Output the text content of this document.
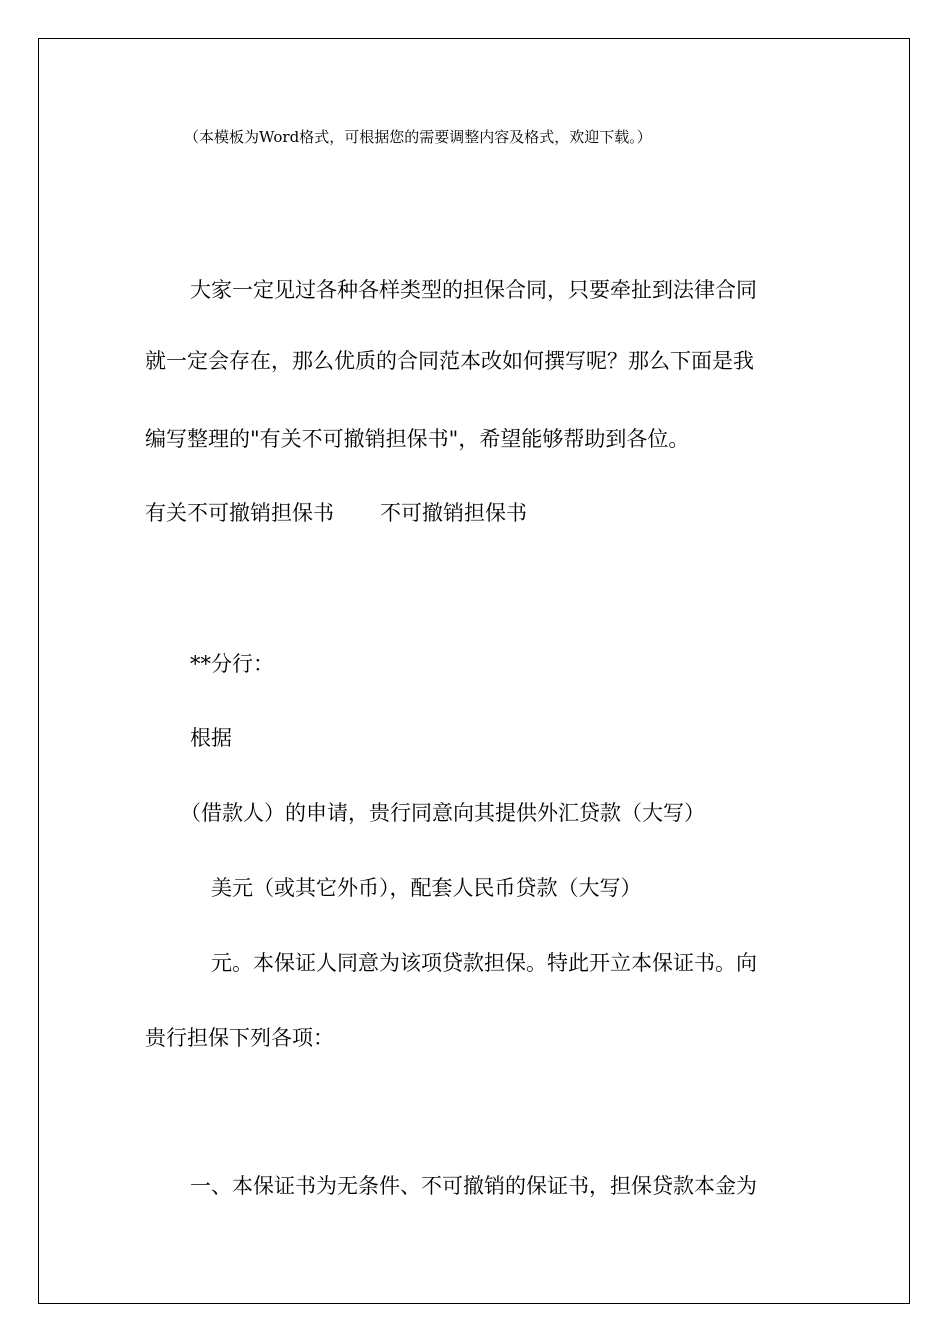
（本模板为Word格式，可根据您的需要调整内容及格式，欢迎下载。）
大家一定见过各种各样类型的担保合同，只要牵扯到法律合同
就一定会存在，那么优质的合同范本改如何撰写呢？那么下面是我
编写整理的"有关不可撤销担保书"，希望能够帮助到各位。
有关不可撤销担保书 不可撤销担保书
**分行：
根据
（借款人）的申请，贵行同意向其提供外汇贷款（大写）
美元（或其它外币），配套人民币贷款（大写）
元。本保证人同意为该项贷款担保。特此开立本保证书。向
贵行担保下列各项：
一、本保证书为无条件、不可撤销的保证书，担保贷款本金为
